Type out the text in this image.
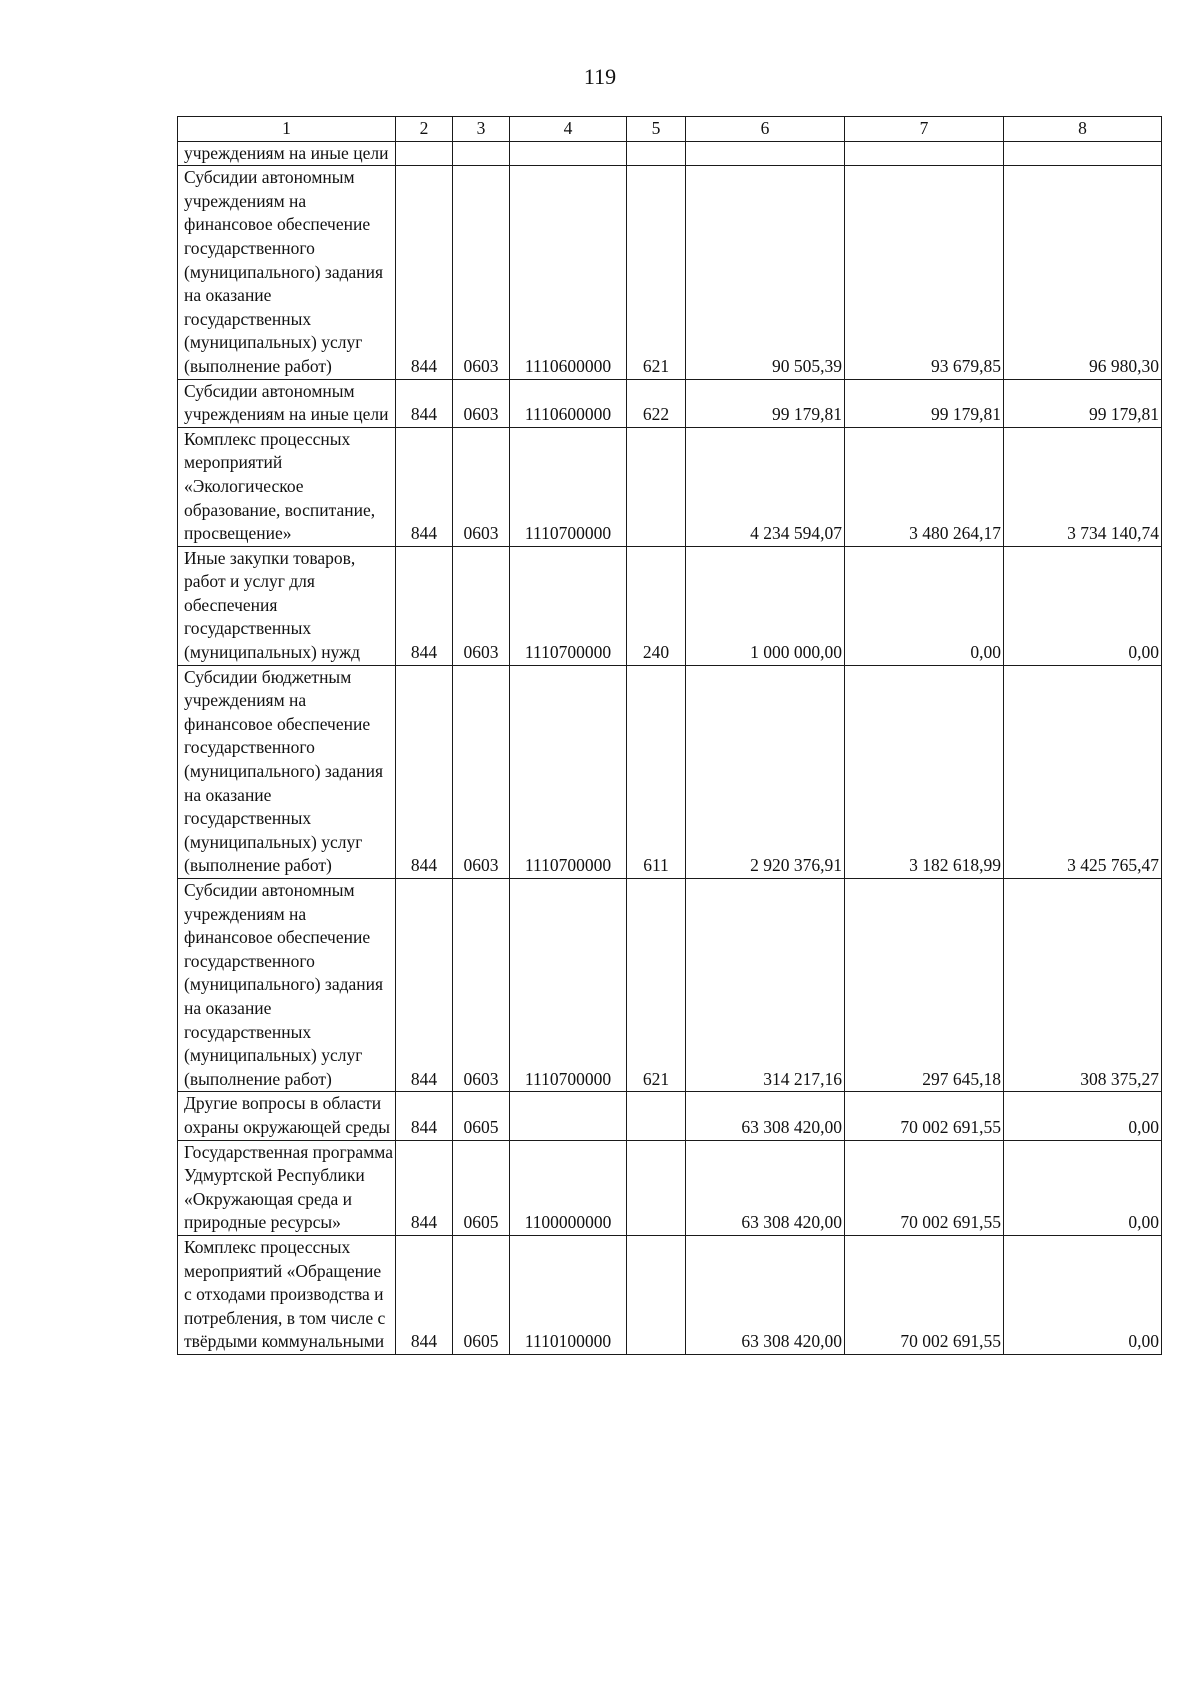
119
1	2	3	4	5	6	7	8
учреждениям на иные цели							
Субсидии автономным учреждениям на финансовое обеспечение государственного (муниципального) задания на оказание государственных (муниципальных) услуг (выполнение работ)	844	0603	1110600000	621	90 505,39	93 679,85	96 980,30
Субсидии автономным учреждениям на иные цели	844	0603	1110600000	622	99 179,81	99 179,81	99 179,81
Комплекс процессных мероприятий «Экологическое образование, воспитание, просвещение»	844	0603	1110700000		4 234 594,07	3 480 264,17	3 734 140,74
Иные закупки товаров, работ и услуг для обеспечения государственных (муниципальных) нужд	844	0603	1110700000	240	1 000 000,00	0,00	0,00
Субсидии бюджетным учреждениям на финансовое обеспечение государственного (муниципального) задания на оказание государственных (муниципальных) услуг (выполнение работ)	844	0603	1110700000	611	2 920 376,91	3 182 618,99	3 425 765,47
Субсидии автономным учреждениям на финансовое обеспечение государственного (муниципального) задания на оказание государственных (муниципальных) услуг (выполнение работ)	844	0603	1110700000	621	314 217,16	297 645,18	308 375,27
Другие вопросы в области охраны окружающей среды	844	0605			63 308 420,00	70 002 691,55	0,00
Государственная программа Удмуртской Республики «Окружающая среда и природные ресурсы»	844	0605	1100000000		63 308 420,00	70 002 691,55	0,00
Комплекс процессных мероприятий «Обращение с отходами производства и потребления, в том числе с твёрдыми коммунальными	844	0605	1110100000		63 308 420,00	70 002 691,55	0,00
